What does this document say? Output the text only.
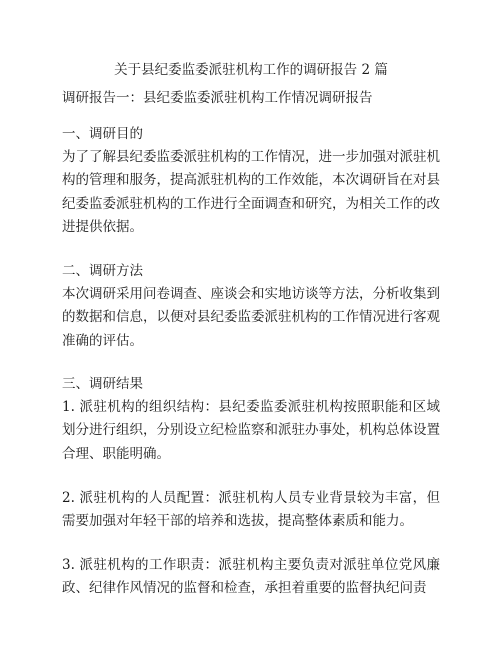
关于县纪委监委派驻机构工作的调研报告 2 篇
调研报告一：县纪委监委派驻机构工作情况调研报告
一、调研目的
为了了解县纪委监委派驻机构的工作情况，进一步加强对派驻机构的管理和服务，提高派驻机构的工作效能，本次调研旨在对县纪委监委派驻机构的工作进行全面调查和研究，为相关工作的改进提供依据。
二、调研方法
本次调研采用问卷调查、座谈会和实地访谈等方法，分析收集到的数据和信息，以便对县纪委监委派驻机构的工作情况进行客观准确的评估。
三、调研结果
1. 派驻机构的组织结构：县纪委监委派驻机构按照职能和区域划分进行组织，分别设立纪检监察和派驻办事处，机构总体设置合理、职能明确。
2. 派驻机构的人员配置：派驻机构人员专业背景较为丰富，但需要加强对年轻干部的培养和选拔，提高整体素质和能力。
3. 派驻机构的工作职责：派驻机构主要负责对派驻单位党风廉政、纪律作风情况的监督和检查，承担着重要的监督执纪问责
